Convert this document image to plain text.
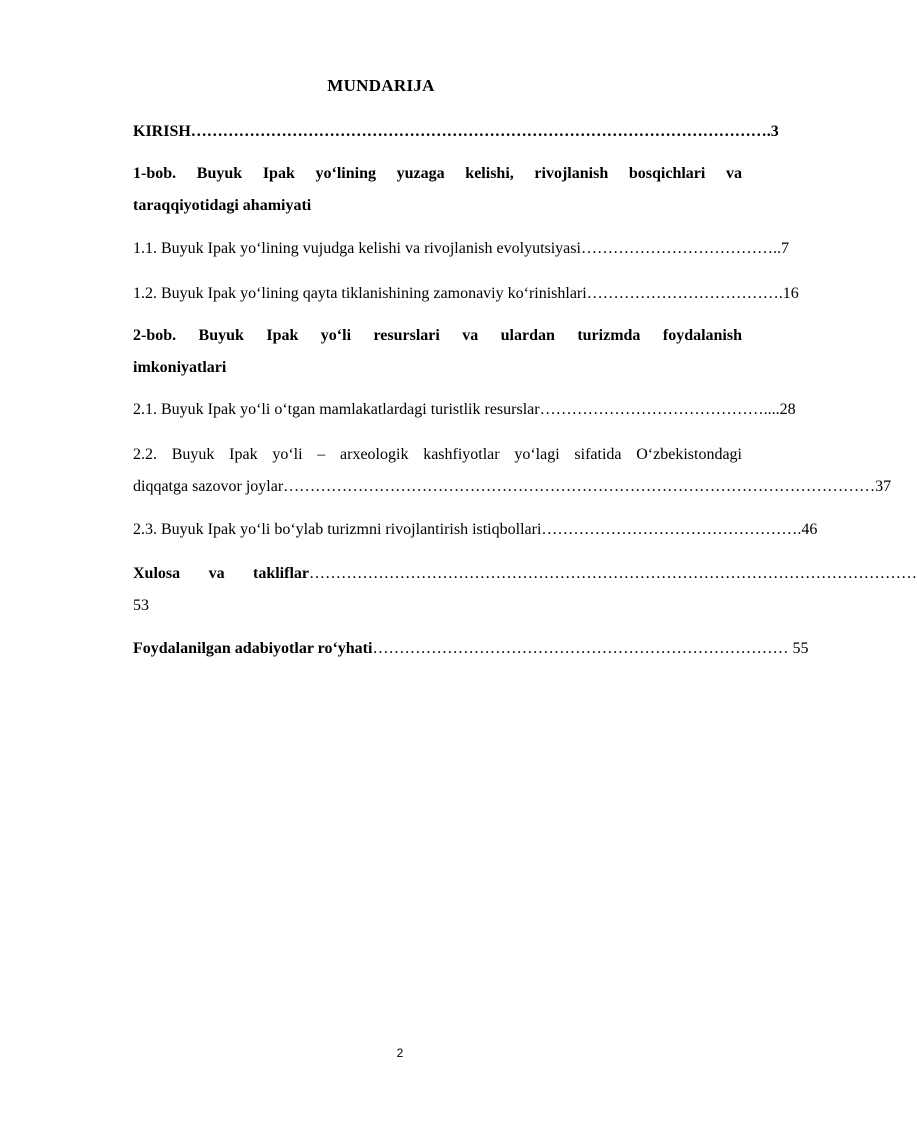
MUNDARIJA
KIRISH ……………………………………………………………………………………………… .3
1-bob. Buyuk Ipak yo‘lining yuzaga kelishi, rivojlanish bosqichlari va
taraqqiyotidagi ahamiyati
1.1. Buyuk Ipak yo‘lining vujudga kelishi va rivojlanish evolyutsiyasi ………………………………. .7
1.2. Buyuk Ipak yo‘lining qayta tiklanishining zamonaviy ko‘rinishlari ……………………………… .16
2-bob. Buyuk Ipak yo‘li resurslari va ulardan turizmda foydalanish
imkoniyatlari
2.1. Buyuk Ipak yo‘li o‘tgan mamlakatlardagi turistlik resurslar …………………………………… ....28
2.2. Buyuk Ipak yo‘li – arxeologik kashfiyotlar yo‘lagi sifatida O‘zbekistondagi
diqqatga sazovor joylar ………………………………………………………………………………………………… 37
2.3. Buyuk Ipak yo‘li bo‘ylab turizmni rivojlantirish istiqbollari ………………………………………… .46
Xulosa va takliflar ……………………………………………………………………………………………………
53
Foydalanilgan adabiyotlar ro‘yhati …………………………………………………………………… 55
2
